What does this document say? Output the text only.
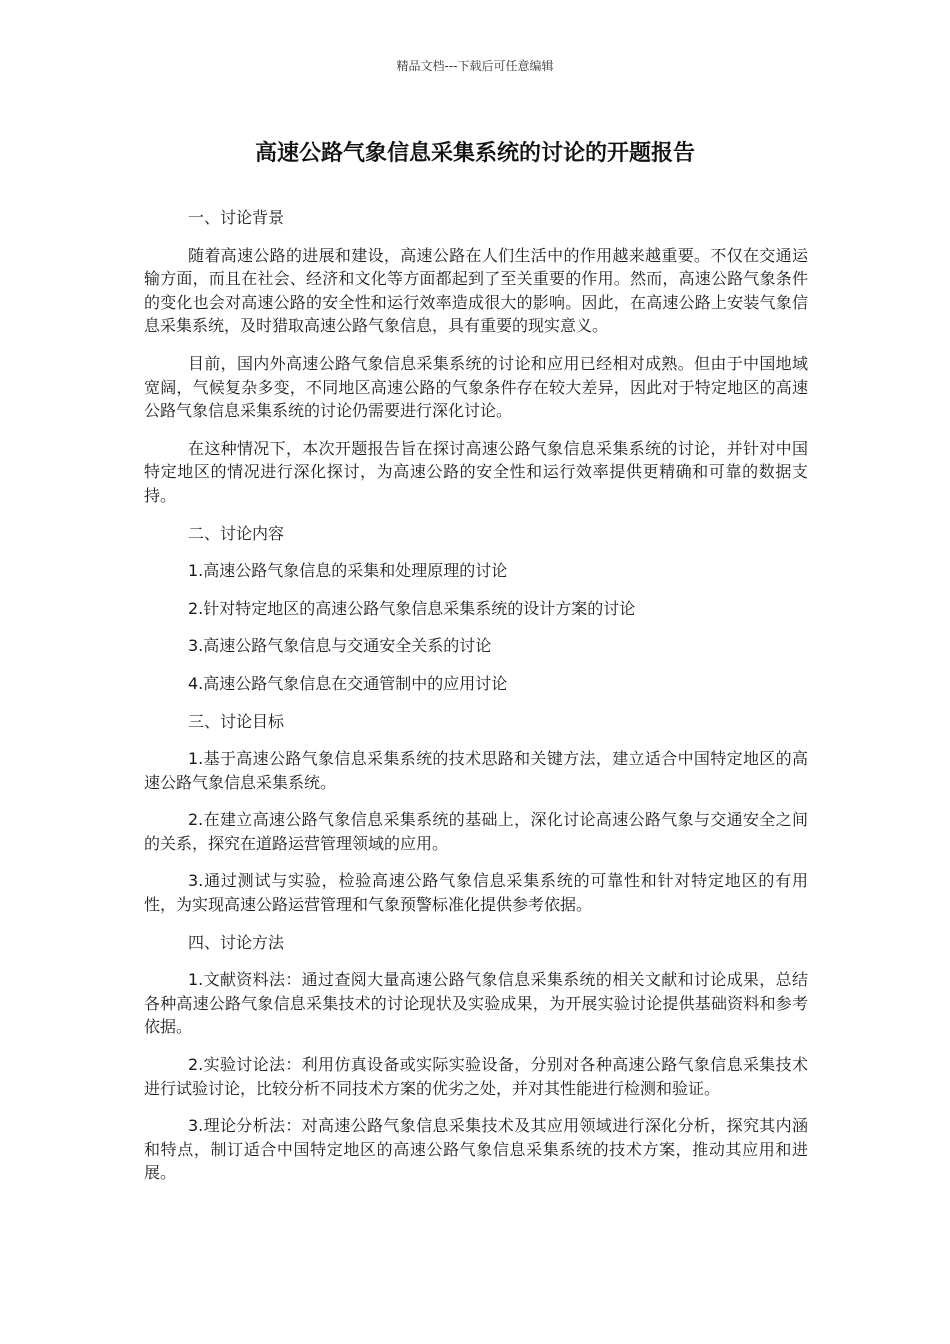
精品文档---下载后可任意编辑
高速公路气象信息采集系统的讨论的开题报告

一、讨论背景

随着高速公路的进展和建设，高速公路在人们生活中的作用越来越重要。不仅在交通运输方面，而且在社会、经济和文化等方面都起到了至关重要的作用。然而，高速公路气象条件的变化也会对高速公路的安全性和运行效率造成很大的影响。因此，在高速公路上安装气象信息采集系统，及时猎取高速公路气象信息，具有重要的现实意义。

目前，国内外高速公路气象信息采集系统的讨论和应用已经相对成熟。但由于中国地域宽阔，气候复杂多变，不同地区高速公路的气象条件存在较大差异，因此对于特定地区的高速公路气象信息采集系统的讨论仍需要进行深化讨论。

在这种情况下，本次开题报告旨在探讨高速公路气象信息采集系统的讨论，并针对中国特定地区的情况进行深化探讨，为高速公路的安全性和运行效率提供更精确和可靠的数据支持。

二、讨论内容

1.高速公路气象信息的采集和处理原理的讨论

2.针对特定地区的高速公路气象信息采集系统的设计方案的讨论

3.高速公路气象信息与交通安全关系的讨论

4.高速公路气象信息在交通管制中的应用讨论

三、讨论目标

1.基于高速公路气象信息采集系统的技术思路和关键方法，建立适合中国特定地区的高速公路气象信息采集系统。

2.在建立高速公路气象信息采集系统的基础上，深化讨论高速公路气象与交通安全之间的关系，探究在道路运营管理领域的应用。

3.通过测试与实验，检验高速公路气象信息采集系统的可靠性和针对特定地区的有用性，为实现高速公路运营管理和气象预警标准化提供参考依据。

四、讨论方法

1.文献资料法：通过查阅大量高速公路气象信息采集系统的相关文献和讨论成果，总结各种高速公路气象信息采集技术的讨论现状及实验成果，为开展实验讨论提供基础资料和参考依据。

2.实验讨论法：利用仿真设备或实际实验设备，分别对各种高速公路气象信息采集技术进行试验讨论，比较分析不同技术方案的优劣之处，并对其性能进行检测和验证。

3.理论分析法：对高速公路气象信息采集技术及其应用领域进行深化分析，探究其内涵和特点，制订适合中国特定地区的高速公路气象信息采集系统的技术方案，推动其应用和进展。
